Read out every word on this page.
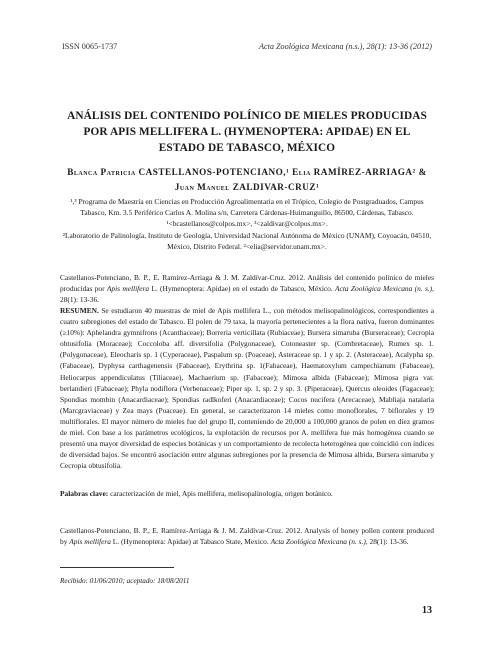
ISSN 0065-1737	Acta Zoológica Mexicana (n.s.), 28(1): 13-36 (2012)
ANÁLISIS DEL CONTENIDO POLÍNICO DE MIELES PRODUCIDAS POR APIS MELLIFERA L. (HYMENOPTERA: APIDAE) EN EL ESTADO DE TABASCO, MÉXICO
Blanca Patricia CASTELLANOS-POTENCIANO,¹ Elia RAMÍREZ-ARRIAGA² & Juan Manuel ZALDIVAR-CRUZ¹
¹,³ Programa de Maestría en Ciencias en Producción Agroalimentaria en el Trópico, Colegio de Postgraduados, Campus Tabasco, Km. 3.5 Periférico Carlos A. Molina s/n, Carretera Cárdenas-Huimanguillo, 86500, Cárdenas, Tabasco. ¹<bcastellanos@colpos.mx>, ³<zaldivar@colpos.mx>.
²Laboratorio de Palinología, Instituto de Geología, Universidad Nacional Autónoma de México (UNAM), Coyoacán, 04510, México, Distrito Federal. ²<elia@servidor.unam.mx>.
Castellanos-Potenciano, B. P., E. Ramírez-Arriaga & J. M. Zaldívar-Cruz. 2012. Análisis del contenido polínico de mieles producidas por Apis mellifera L. (Hymenoptera: Apidae) en el estado de Tabasco, México. Acta Zoológica Mexicana (n. s.), 28(1): 13-36.
RESUMEN. Se estudiaron 40 muestras de miel de Apis mellifera L., con métodos melisopalinológicos, correspondientes a cuatro subregiones del estado de Tabasco. El polen de 79 taxa, la mayoría pertenecientes a la flora nativa, fueron dominantes (≥10%): Aphelandra gymnifrons (Acanthaceae); Borreria verticillata (Rubiaceae); Bursera simaruba (Burseraceae); Cecropia obtusifolia (Moraceae); Coccoloba aff. diversifolia (Polygonaceae), Cotoneaster sp. (Combretaceae), Rumex sp. 1. (Polygonaceae), Eleocharis sp. 1 (Cyperaceae), Paspalum sp. (Poaceae), Asteraceae sp. 1 y sp. 2. (Asteraceae), Acalypha sp. (Fabaceae), Dyphysa carthagenensis (Fabaceae), Erythrina sp. 1(Fabaceae), Haematoxylum campechianum (Fabaceae), Heliocarpus appendiculatus (Tiliaceae), Machaerium sp. (Fabaceae); Mimosa albida (Fabaceae); Mimosa pigra var. berlandieri (Fabaceae); Phyla nodiflora (Verbenaceae); Piper sp. 1, sp. 2 y sp. 3. (Piperaceae), Quercus oleoides (Fagaceae); Spondias mombin (Anacardiaceae); Spondias radlkoferi (Anacardiaceae); Cocos nucifera (Arecaceae), Mabliaja natalaria (Marcgraviaceae) y Zea mays (Poaceae). En general, se caracterizaron 14 mieles como monoflorales, 7 biflorales y 19 multiflorales. El mayor número de mieles fue del grupo II, conteniendo de 20,000 a 100,000 granos de polen en diez gramos de miel. Con base a los parámetros ecológicos, la explotación de recursos por A. mellifera fue más homogénea cuando se presentó una mayor diversidad de especies botánicas y un comportamiento de recolecta heterogénea que coincidió con índices de diversidad bajos. Se encontró asociación entre algunas subregiones por la presencia de Mimosa albida, Bursera simaruba y Cecropia obtusifolia.
Palabras clave: caracterización de miel, Apis mellifera, melisopalinología, origen botánico.
Castellanos-Potenciano, B. P., E. Ramírez-Arriaga & J. M. Zaldívar-Cruz. 2012. Analysis of honey pollen content produced by Apis mellifera L. (Hymenoptera: Apidae) at Tabasco State, Mexico. Acta Zoológica Mexicana (n. s.), 28(1): 13-36.
Recibido: 01/06/2010; aceptado: 18/08/2011
13
